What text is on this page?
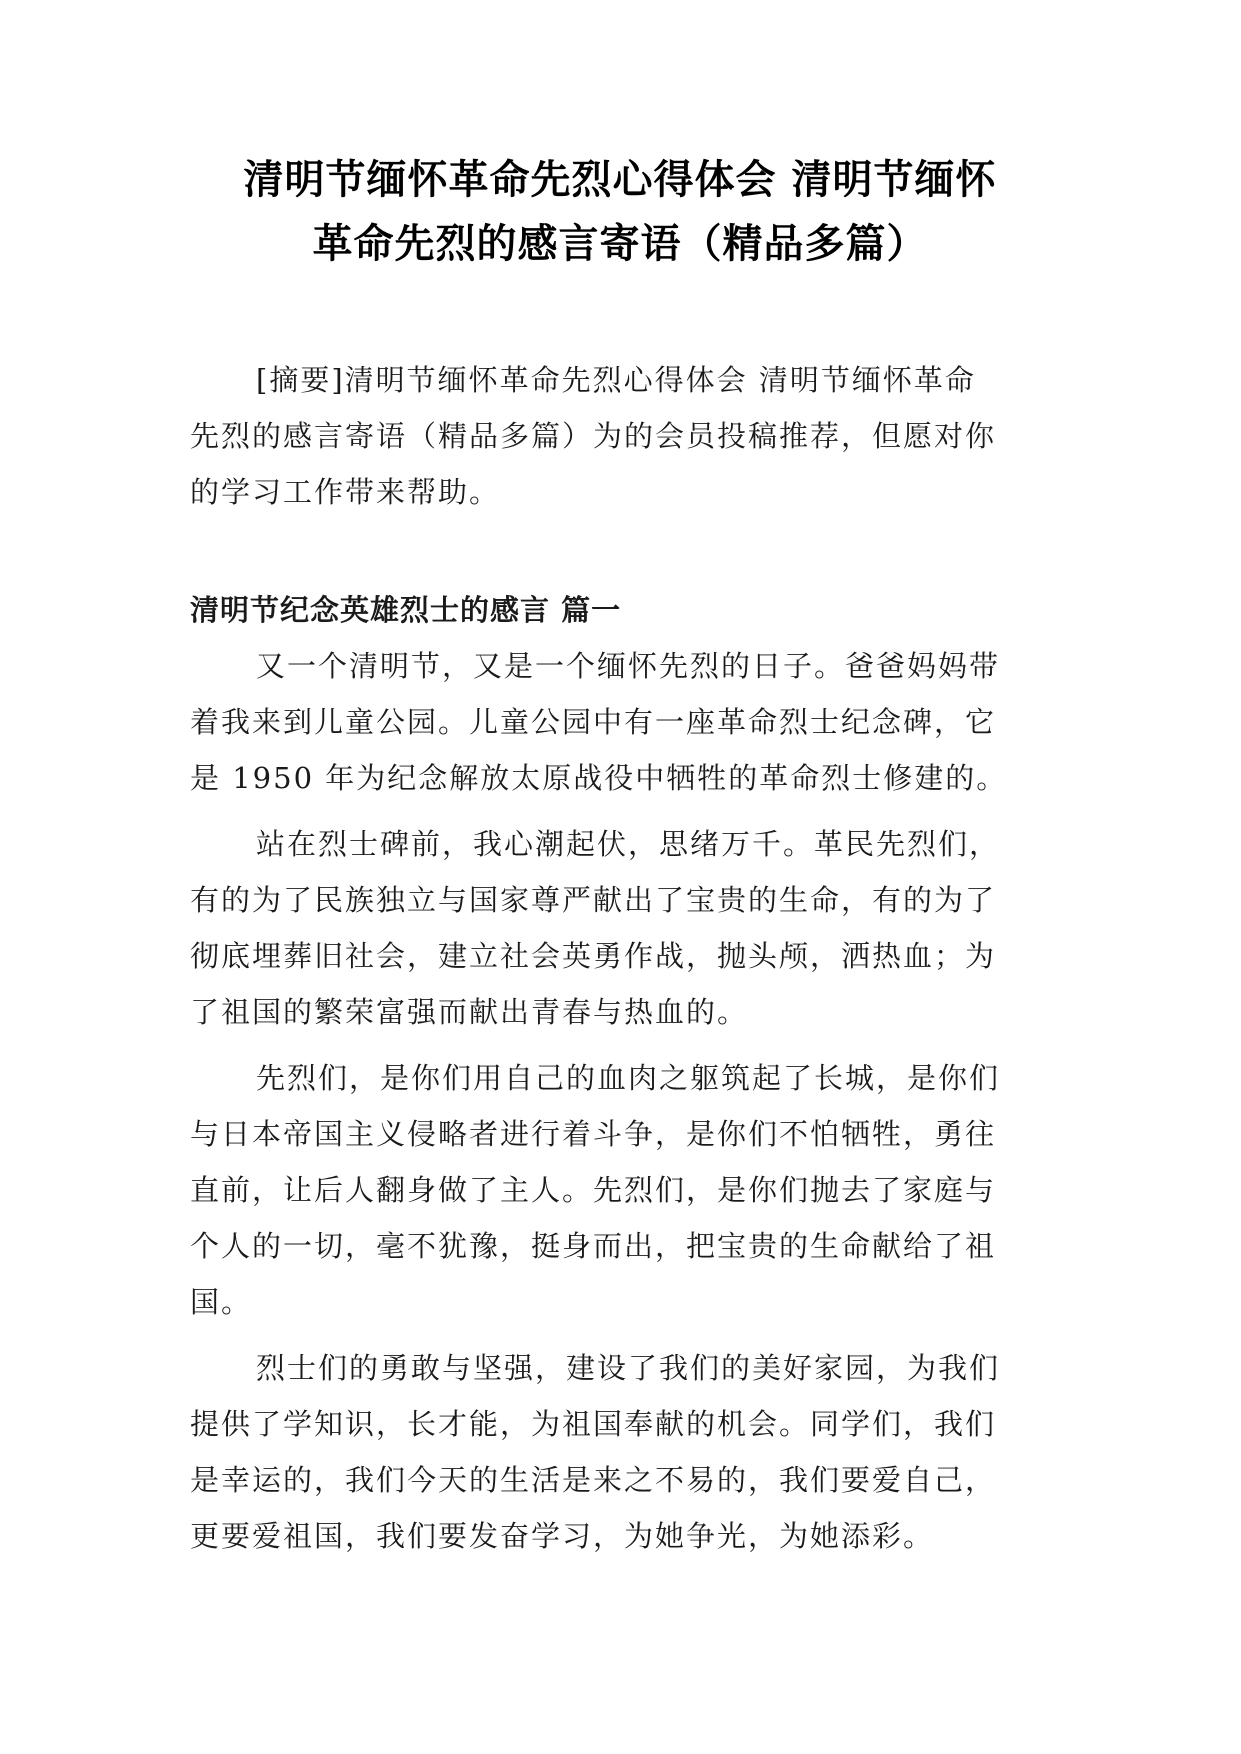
清明节缅怀革命先烈心得体会 清明节缅怀
革命先烈的感言寄语（精品多篇）

[摘要]清明节缅怀革命先烈心得体会 清明节缅怀革命
先烈的感言寄语（精品多篇）为的会员投稿推荐，但愿对你
的学习工作带来帮助。

清明节纪念英雄烈士的感言 篇一

又一个清明节，又是一个缅怀先烈的日子。爸爸妈妈带
着我来到儿童公园。儿童公园中有一座革命烈士纪念碑，它
是 1950 年为纪念解放太原战役中牺牲的革命烈士修建的。

站在烈士碑前，我心潮起伏，思绪万千。革民先烈们，
有的为了民族独立与国家尊严献出了宝贵的生命，有的为了
彻底埋葬旧社会，建立社会英勇作战，抛头颅，洒热血；为
了祖国的繁荣富强而献出青春与热血的。

先烈们，是你们用自己的血肉之躯筑起了长城，是你们
与日本帝国主义侵略者进行着斗争，是你们不怕牺牲，勇往
直前，让后人翻身做了主人。先烈们，是你们抛去了家庭与
个人的一切，毫不犹豫，挺身而出，把宝贵的生命献给了祖
国。

烈士们的勇敢与坚强，建设了我们的美好家园，为我们
提供了学知识，长才能，为祖国奉献的机会。同学们，我们
是幸运的，我们今天的生活是来之不易的，我们要爱自己，
更要爱祖国，我们要发奋学习，为她争光，为她添彩。
